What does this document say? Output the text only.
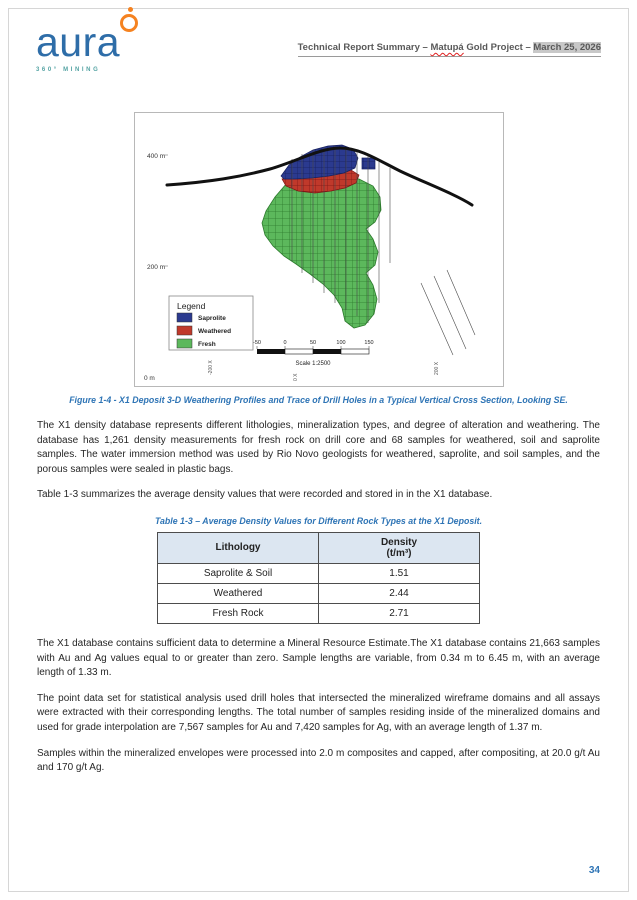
aura
360° MINING
Technical Report Summary – Matupá Gold Project – March 25, 2026
400 m
200 m
0 m
Legend
Saprolite
Weathered
Fresh	-50	0	50	100	150
Scale 1:2500
-200 X
0 X
200 X
Figure 1-4 - X1 Deposit 3-D Weathering Profiles and Trace of Drill Holes in a Typical Vertical Cross Section, Looking SE.

The X1 density database represents different lithologies, mineralization types, and degree of alteration and weathering. The database has 1,261 density measurements for fresh rock on drill core and 68 samples for weathered, soil and saprolite samples. The water immersion method was used by Rio Novo geologists for weathered, saprolite, and soil samples, and the porous samples were sealed in plastic bags.

Table 1-3 summarizes the average density values that were recorded and stored in in the X1 database.

Table 1-3 – Average Density Values for Different Rock Types at the X1 Deposit.
Lithology	Density
(t/m³)

Saprolite & Soil	1.51
Weathered	2.44
Fresh Rock	2.71

The X1 database contains sufficient data to determine a Mineral Resource Estimate.The X1 database contains 21,663 samples with Au and Ag values equal to or greater than zero. Sample lengths are variable, from 0.34 m to 6.45 m, with an average length of 1.33 m.

The point data set for statistical analysis used drill holes that intersected the mineralized wireframe domains and all assays were extracted with their corresponding lengths. The total number of samples residing inside of the mineralized domains and used for grade interpolation are 7,567 samples for Au and 7,420 samples for Ag, with an average length of 1.37 m.

Samples within the mineralized envelopes were processed into 2.0 m composites and capped, after compositing, at 20.0 g/t Au and 170 g/t Ag.

34
